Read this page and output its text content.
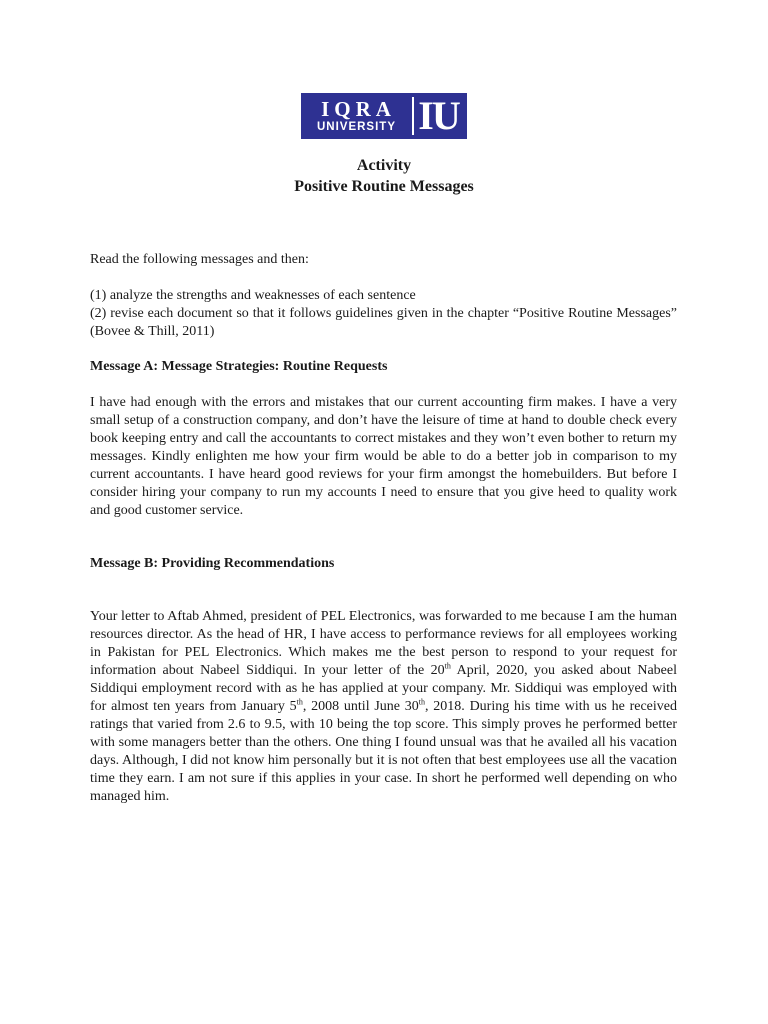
IQRA
UNIVERSITY IU
Activity
Positive Routine Messages

Read the following messages and then:

(1) analyze the strengths and weaknesses of each sentence

(2) revise each document so that it follows guidelines given in the chapter “Positive Routine Messages” (Bovee & Thill, 2011)

Message A: Message Strategies: Routine Requests

I have had enough with the errors and mistakes that our current accounting firm makes. I have a very small setup of a construction company, and don’t have the leisure of time at hand to double check every book keeping entry and call the accountants to correct mistakes and they won’t even bother to return my messages. Kindly enlighten me how your firm would be able to do a better job in comparison to my current accountants. I have heard good reviews for your firm amongst the homebuilders. But before I consider hiring your company to run my accounts I need to ensure that you give heed to quality work and good customer service.

Message B: Providing Recommendations

Your letter to Aftab Ahmed, president of PEL Electronics, was forwarded to me because I am the human resources director. As the head of HR, I have access to performance reviews for all employees working in Pakistan for PEL Electronics. Which makes me the best person to respond to your request for information about Nabeel Siddiqui. In your letter of the 20th April, 2020, you asked about Nabeel Siddiqui employment record with as he has applied at your company. Mr. Siddiqui was employed with for almost ten years from January 5th, 2008 until June 30th, 2018. During his time with us he received ratings that varied from 2.6 to 9.5, with 10 being the top score. This simply proves he performed better with some managers better than the others. One thing I found unsual was that he availed all his vacation days. Although, I did not know him personally but it is not often that best employees use all the vacation time they earn. I am not sure if this applies in your case. In short he performed well depending on who managed him.
